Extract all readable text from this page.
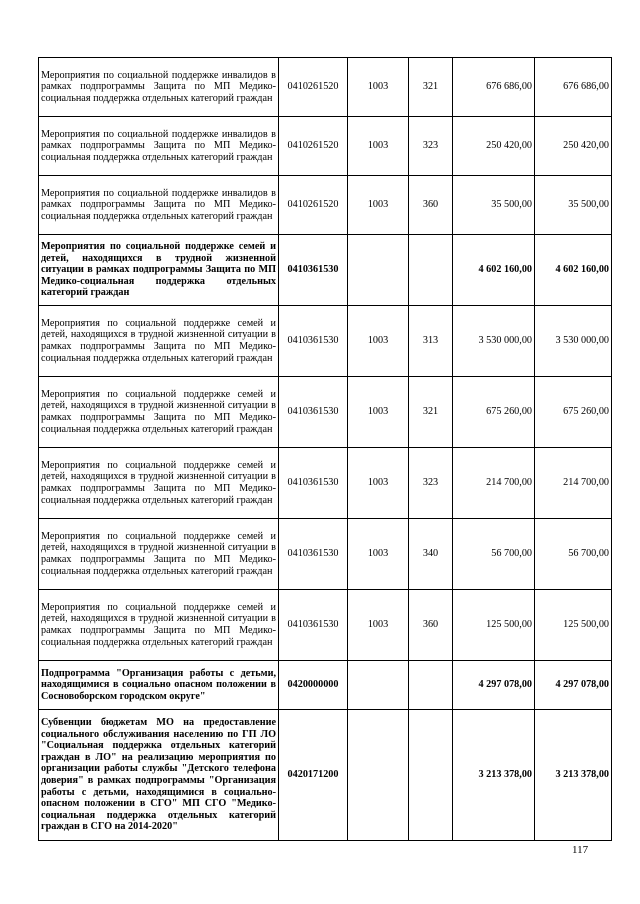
Мероприятия по социальной поддержке инвалидов в рамках подпрограммы Защита по МП Медико-социальная поддержка отдельных категорий граждан	0410261520	1003	321	676 686,00	676 686,00
Мероприятия по социальной поддержке инвалидов в рамках подпрограммы Защита по МП Медико-социальная поддержка отдельных категорий граждан	0410261520	1003	323	250 420,00	250 420,00
Мероприятия по социальной поддержке инвалидов в рамках подпрограммы Защита по МП Медико-социальная поддержка отдельных категорий граждан	0410261520	1003	360	35 500,00	35 500,00
Мероприятия по социальной поддержке семей и детей, находящихся в трудной жизненной ситуации в рамках подпрограммы Защита по МП Медико-социальная поддержка отдельных категорий граждан	0410361530			4 602 160,00	4 602 160,00
Мероприятия по социальной поддержке семей и детей, находящихся в трудной жизненной ситуации в рамках подпрограммы Защита по МП Медико-социальная поддержка отдельных категорий граждан	0410361530	1003	313	3 530 000,00	3 530 000,00
Мероприятия по социальной поддержке семей и детей, находящихся в трудной жизненной ситуации в рамках подпрограммы Защита по МП Медико-социальная поддержка отдельных категорий граждан	0410361530	1003	321	675 260,00	675 260,00
Мероприятия по социальной поддержке семей и детей, находящихся в трудной жизненной ситуации в рамках подпрограммы Защита по МП Медико-социальная поддержка отдельных категорий граждан	0410361530	1003	323	214 700,00	214 700,00
Мероприятия по социальной поддержке семей и детей, находящихся в трудной жизненной ситуации в рамках подпрограммы Защита по МП Медико-социальная поддержка отдельных категорий граждан	0410361530	1003	340	56 700,00	56 700,00
Мероприятия по социальной поддержке семей и детей, находящихся в трудной жизненной ситуации в рамках подпрограммы Защита по МП Медико-социальная поддержка отдельных категорий граждан	0410361530	1003	360	125 500,00	125 500,00
Подпрограмма "Организация работы с детьми, находящимися в социально опасном положении в Сосновоборском городском округе"	0420000000			4 297 078,00	4 297 078,00
Субвенции бюджетам МО на предоставление социального обслуживания населению по ГП ЛО "Социальная поддержка отдельных категорий граждан в ЛО" на реализацию мероприятия по организации работы службы "Детского телефона доверия" в рамках подпрограммы "Организация работы с детьми, находящимися в социально-опасном положении в СГО" МП СГО "Медико-социальная поддержка отдельных категорий граждан в СГО на 2014-2020"	0420171200			3 213 378,00	3 213 378,00
117
